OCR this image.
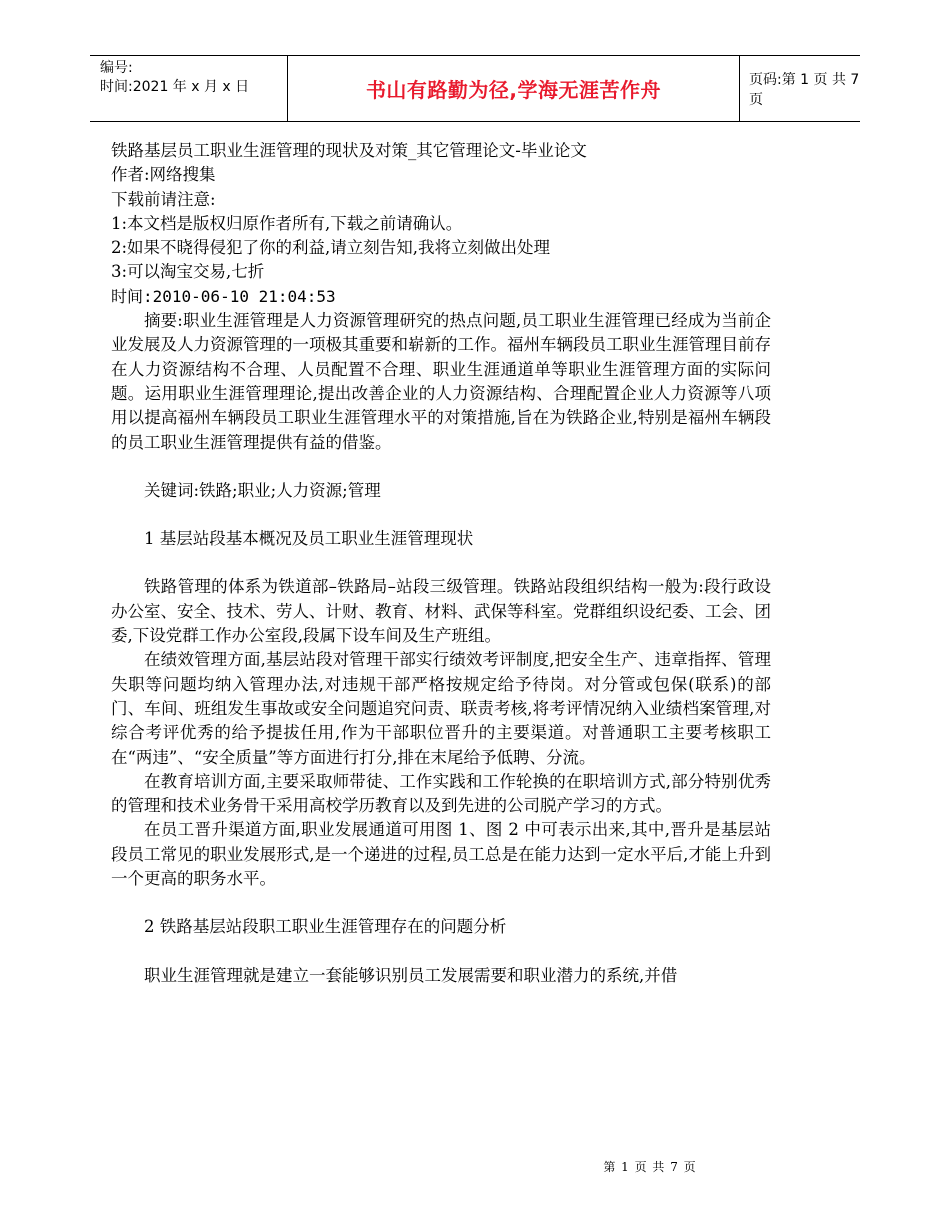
编号:
时间:2021 年 x 月 x 日	书山有路勤为径,学海无涯苦作舟	页码:第 1 页 共 7 页

铁路基层员工职业生涯管理的现状及对策_其它管理论文-毕业论文

作者:网络搜集

下载前请注意:

1:本文档是版权归原作者所有,下载之前请确认。

2:如果不晓得侵犯了你的利益,请立刻告知,我将立刻做出处理

3:可以淘宝交易,七折

时间:2010-06-10 21:04:53

摘要:职业生涯管理是人力资源管理研究的热点问题,员工职业生涯管理已经成为当前企业发展及人力资源管理的一项极其重要和崭新的工作。福州车辆段员工职业生涯管理目前存在人力资源结构不合理、人员配置不合理、职业生涯通道单等职业生涯管理方面的实际问题。运用职业生涯管理理论,提出改善企业的人力资源结构、合理配置企业人力资源等八项用以提高福州车辆段员工职业生涯管理水平的对策措施,旨在为铁路企业,特别是福州车辆段的员工职业生涯管理提供有益的借鉴。

关键词:铁路;职业;人力资源;管理

1 基层站段基本概况及员工职业生涯管理现状

铁路管理的体系为铁道部–铁路局–站段三级管理。铁路站段组织结构一般为:段行政设办公室、安全、技术、劳人、计财、教育、材料、武保等科室。党群组织设纪委、工会、团委,下设党群工作办公室段,段属下设车间及生产班组。

在绩效管理方面,基层站段对管理干部实行绩效考评制度,把安全生产、违章指挥、管理失职等问题均纳入管理办法,对违规干部严格按规定给予待岗。对分管或包保(联系)的部门、车间、班组发生事故或安全问题追究问责、联责考核,将考评情况纳入业绩档案管理,对综合考评优秀的给予提拔任用,作为干部职位晋升的主要渠道。对普通职工主要考核职工在“两违”、“安全质量”等方面进行打分,排在末尾给予低聘、分流。

在教育培训方面,主要采取师带徒、工作实践和工作轮换的在职培训方式,部分特别优秀的管理和技术业务骨干采用高校学历教育以及到先进的公司脱产学习的方式。

在员工晋升渠道方面,职业发展通道可用图 1、图 2 中可表示出来,其中,晋升是基层站段员工常见的职业发展形式,是一个递进的过程,员工总是在能力达到一定水平后,才能上升到一个更高的职务水平。

2 铁路基层站段职工职业生涯管理存在的问题分析

职业生涯管理就是建立一套能够识别员工发展需要和职业潜力的系统,并借

第 1 页 共 7 页
